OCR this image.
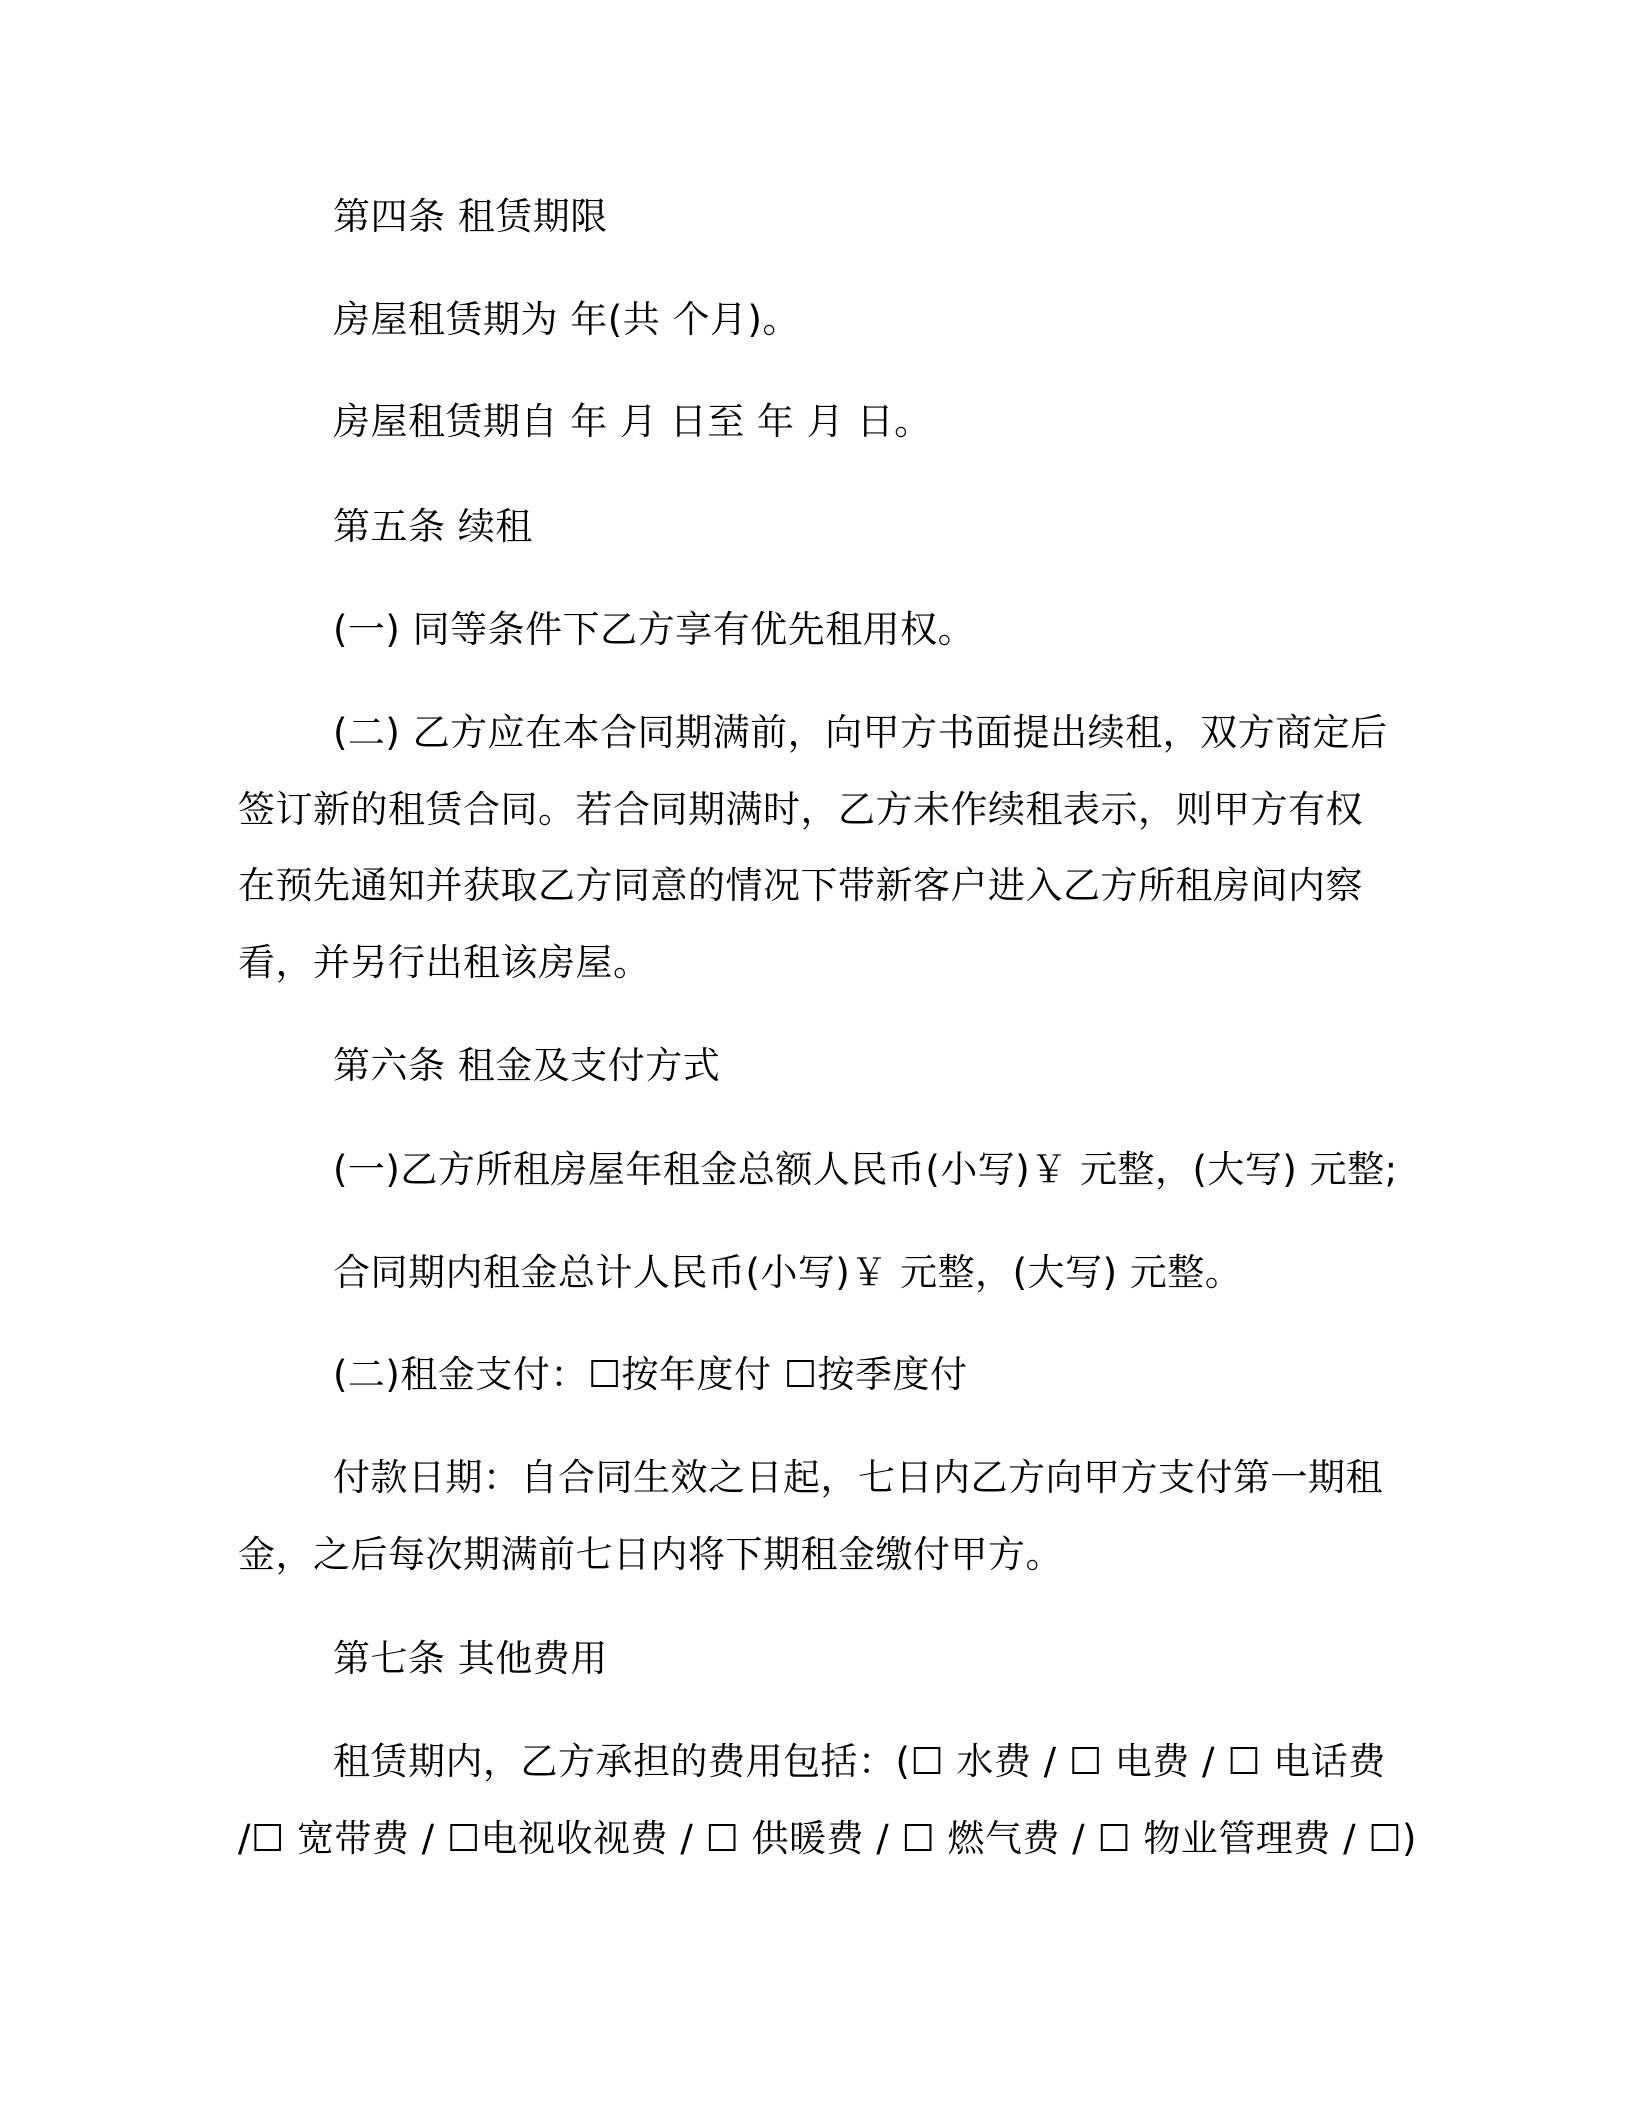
第四条 租赁期限
房屋租赁期为 年(共 个月)。
房屋租赁期自 年 月 日至 年 月 日。
第五条 续租
(一) 同等条件下乙方享有优先租用权。
(二) 乙方应在本合同期满前，向甲方书面提出续租，双方商定后
签订新的租赁合同。若合同期满时，乙方未作续租表示，则甲方有权
在预先通知并获取乙方同意的情况下带新客户进入乙方所租房间内察
看，并另行出租该房屋。
第六条 租金及支付方式
(一)乙方所租房屋年租金总额人民币(小写)￥ 元整，(大写) 元整;
合同期内租金总计人民币(小写)￥ 元整，(大写) 元整。
(二)租金支付：☐按年度付 ☐按季度付
付款日期：自合同生效之日起，七日内乙方向甲方支付第一期租
金，之后每次期满前七日内将下期租金缴付甲方。
第七条 其他费用
租赁期内，乙方承担的费用包括：(☐ 水费 / ☐ 电费 / ☐ 电话费
/☐ 宽带费 / ☐电视收视费 / ☐ 供暖费 / ☐ 燃气费 / ☐ 物业管理费 / ☐)
